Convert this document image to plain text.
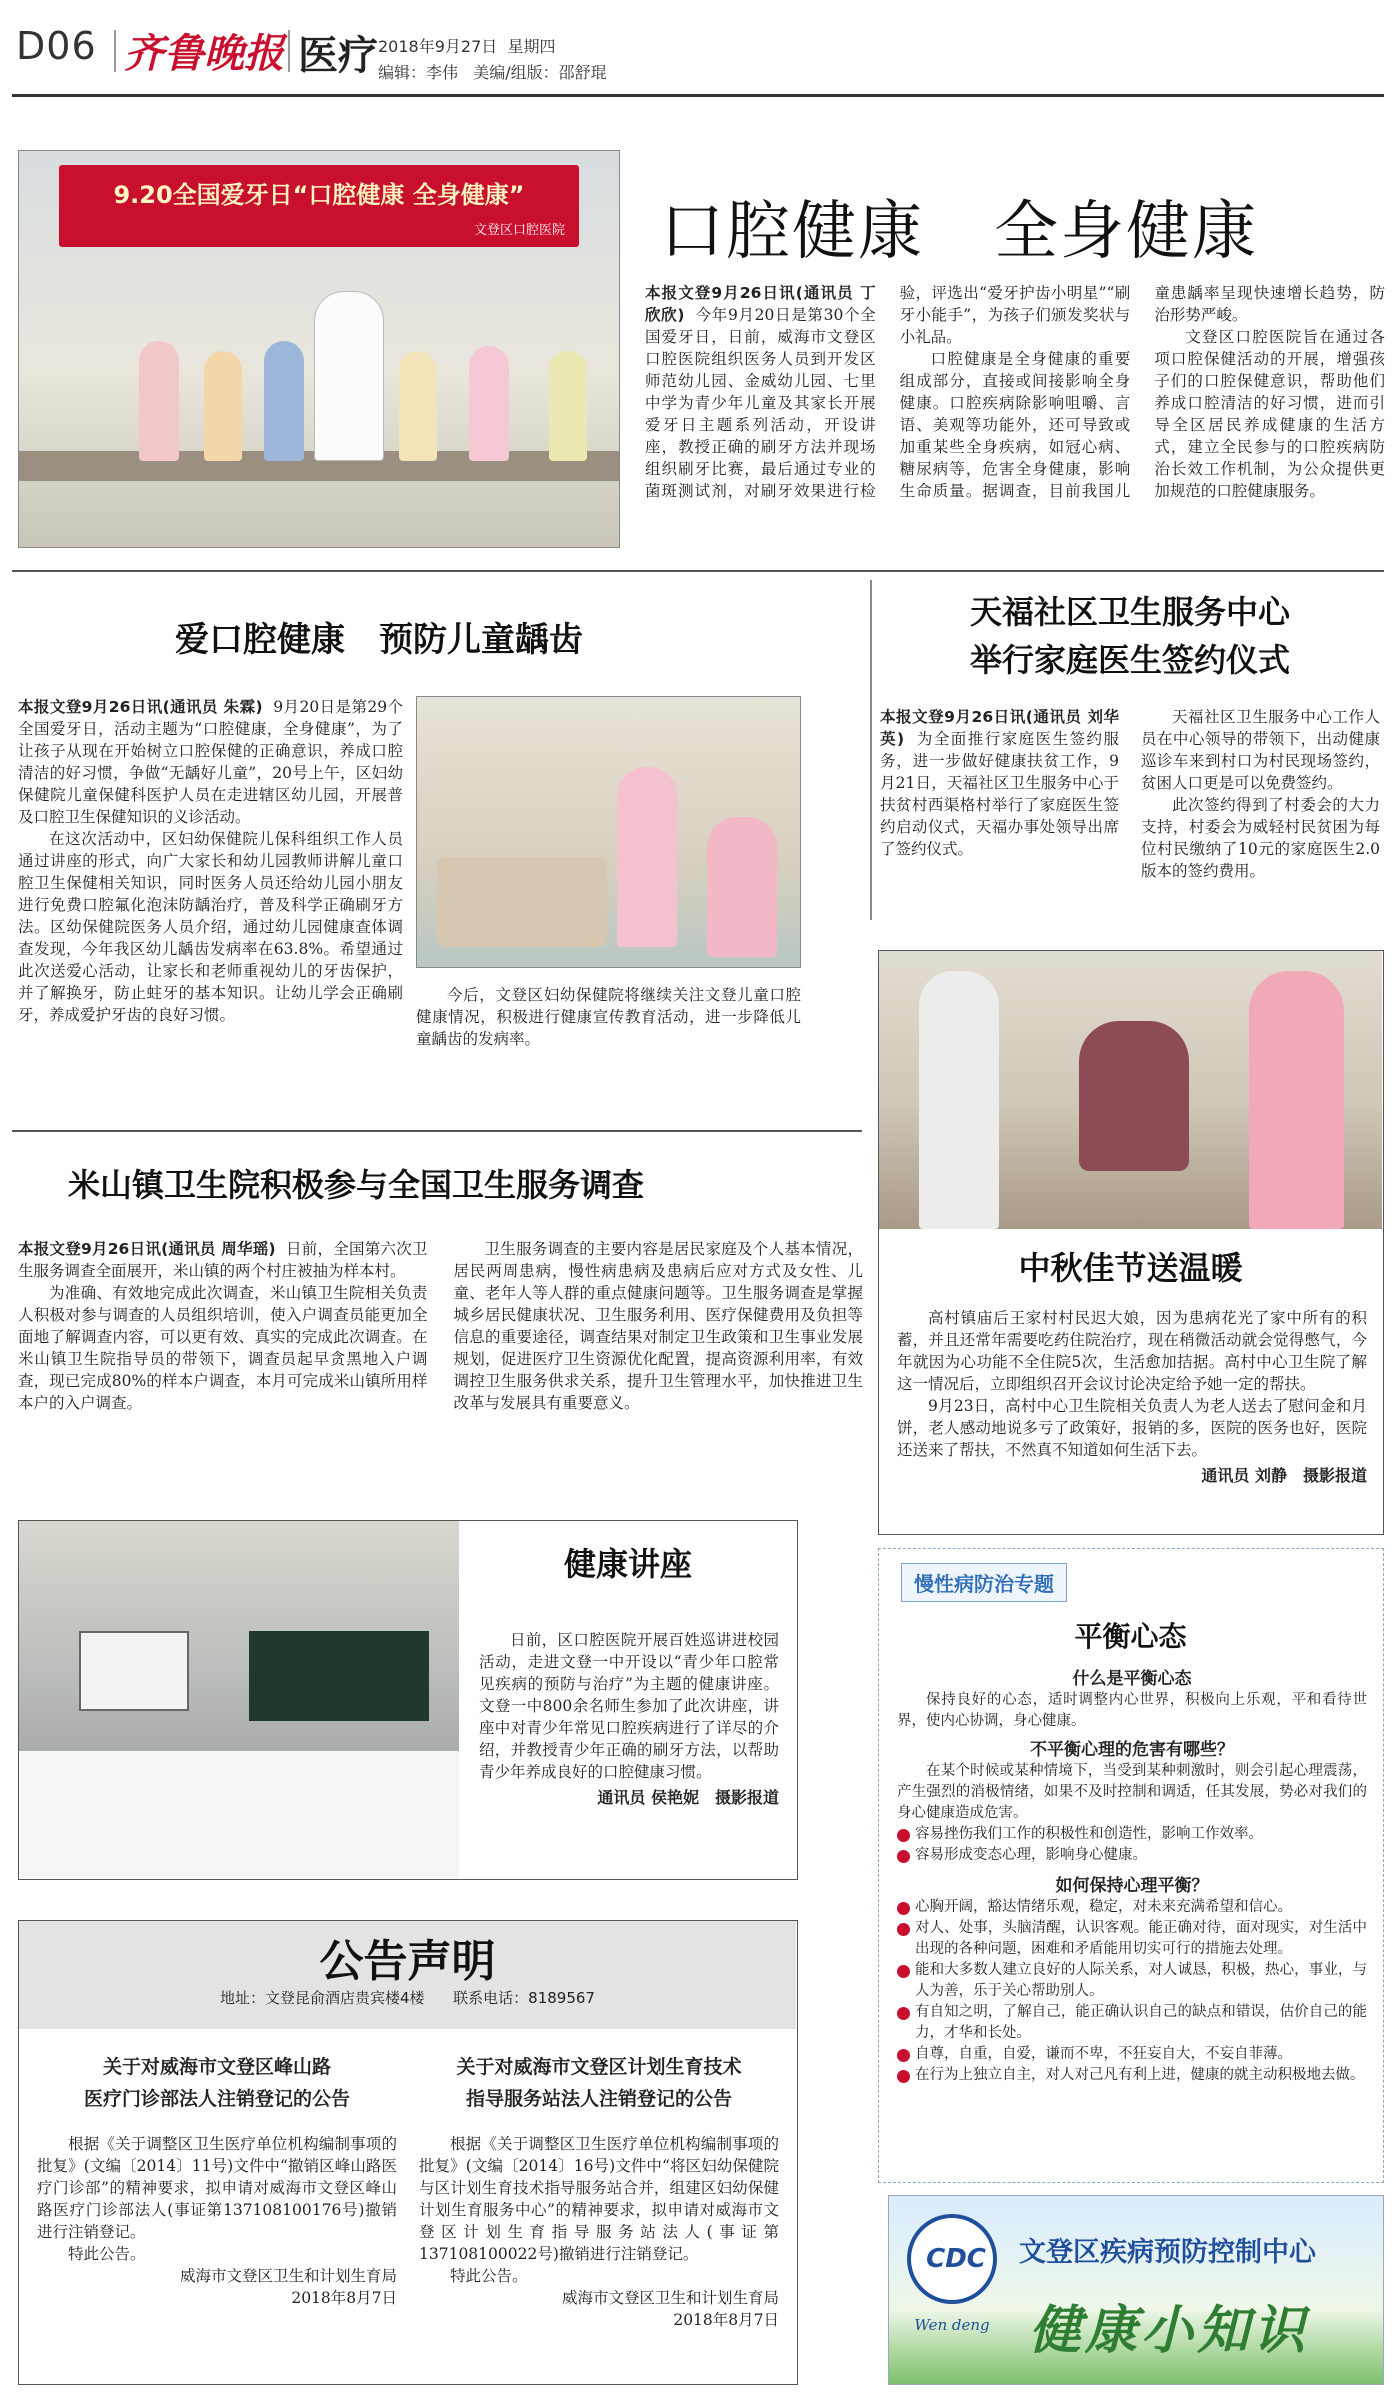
D06 齐鲁晚报 医疗 2018年9月27日 星期四
编辑：李伟 美编/组版：邵舒琨
9.20全国爱牙日“口腔健康 全身健康”
文登区口腔医院 口腔健康 全身健康

本报文登9月26日讯(通讯员 丁欣欣) 今年9月20日是第30个全国爱牙日，日前，威海市文登区口腔医院组织医务人员到开发区师范幼儿园、金威幼儿园、七里中学为青少年儿童及其家长开展爱牙日主题系列活动，开设讲座，教授正确的刷牙方法并现场组织刷牙比赛，最后通过专业的菌斑测试剂，对刷牙效果进行检验，评选出“爱牙护齿小明星”“刷牙小能手”，为孩子们颁发奖状与小礼品。

口腔健康是全身健康的重要组成部分，直接或间接影响全身健康。口腔疾病除影响咀嚼、言语、美观等功能外，还可导致或加重某些全身疾病，如冠心病、糖尿病等，危害全身健康，影响生命质量。据调查，目前我国儿童患龋率呈现快速增长趋势，防治形势严峻。

文登区口腔医院旨在通过各项口腔保健活动的开展，增强孩子们的口腔保健意识，帮助他们养成口腔清洁的好习惯，进而引导全区居民养成健康的生活方式，建立全民参与的口腔疾病防治长效工作机制，为公众提供更加规范的口腔健康服务。

爱口腔健康　预防儿童龋齿

本报文登9月26日讯(通讯员 朱霖) 9月20日是第29个全国爱牙日，活动主题为“口腔健康，全身健康”，为了让孩子从现在开始树立口腔保健的正确意识，养成口腔清洁的好习惯，争做“无龋好儿童”，20号上午，区妇幼保健院儿童保健科医护人员在走进辖区幼儿园，开展普及口腔卫生保健知识的义诊活动。

在这次活动中，区妇幼保健院儿保科组织工作人员通过讲座的形式，向广大家长和幼儿园教师讲解儿童口腔卫生保健相关知识，同时医务人员还给幼儿园小朋友进行免费口腔氟化泡沫防龋治疗，普及科学正确刷牙方法。区幼保健院医务人员介绍，通过幼儿园健康查体调查发现，今年我区幼儿龋齿发病率在63.8%。希望通过此次送爱心活动，让家长和老师重视幼儿的牙齿保护，并了解换牙，防止蛀牙的基本知识。让幼儿学会正确刷牙，养成爱护牙齿的良好习惯。

今后，文登区妇幼保健院将继续关注文登儿童口腔健康情况，积极进行健康宣传教育活动，进一步降低儿童龋齿的发病率。

天福社区卫生服务中心
举行家庭医生签约仪式

本报文登9月26日讯(通讯员 刘华英) 为全面推行家庭医生签约服务，进一步做好健康扶贫工作，9月21日，天福社区卫生服务中心于扶贫村西渠格村举行了家庭医生签约启动仪式，天福办事处领导出席了签约仪式。

天福社区卫生服务中心工作人员在中心领导的带领下，出动健康巡诊车来到村口为村民现场签约，贫困人口更是可以免费签约。

此次签约得到了村委会的大力支持，村委会为威轻村民贫困为每位村民缴纳了10元的家庭医生2.0版本的签约费用。

米山镇卫生院积极参与全国卫生服务调查

本报文登9月26日讯(通讯员 周华瑶) 日前，全国第六次卫生服务调查全面展开，米山镇的两个村庄被抽为样本村。

为准确、有效地完成此次调查，米山镇卫生院相关负责人积极对参与调查的人员组织培训，使入户调查员能更加全面地了解调查内容，可以更有效、真实的完成此次调查。在米山镇卫生院指导员的带领下，调查员起早贪黑地入户调查，现已完成80%的样本户调查，本月可完成米山镇所用样本户的入户调查。

卫生服务调查的主要内容是居民家庭及个人基本情况，居民两周患病，慢性病患病及患病后应对方式及女性、儿童、老年人等人群的重点健康问题等。卫生服务调查是掌握城乡居民健康状况、卫生服务利用、医疗保健费用及负担等信息的重要途径，调查结果对制定卫生政策和卫生事业发展规划，促进医疗卫生资源优化配置，提高资源利用率，有效调控卫生服务供求关系，提升卫生管理水平，加快推进卫生改革与发展具有重要意义。

中秋佳节送温暖

高村镇庙后王家村村民迟大娘，因为患病花光了家中所有的积蓄，并且还常年需要吃药住院治疗，现在稍微活动就会觉得憋气，今年就因为心功能不全住院5次，生活愈加拮据。高村中心卫生院了解这一情况后，立即组织召开会议讨论决定给予她一定的帮扶。

9月23日，高村中心卫生院相关负责人为老人送去了慰问金和月饼，老人感动地说多亏了政策好，报销的多，医院的医务也好，医院还送来了帮扶，不然真不知道如何生活下去。

通讯员 刘静　摄影报道
健康讲座

日前，区口腔医院开展百姓巡讲进校园活动，走进文登一中开设以“青少年口腔常见疾病的预防与治疗”为主题的健康讲座。文登一中800余名师生参加了此次讲座，讲座中对青少年常见口腔疾病进行了详尽的介绍，并教授青少年正确的刷牙方法，以帮助青少年养成良好的口腔健康习惯。

通讯员 侯艳妮　摄影报道
公告声明
地址：文登昆俞酒店贵宾楼4楼 联系电话：8189567
关于对威海市文登区峰山路
医疗门诊部法人注销登记的公告

根据《关于调整区卫生医疗单位机构编制事项的批复》(文编〔2014〕11号)文件中“撤销区峰山路医疗门诊部”的精神要求，拟申请对威海市文登区峰山路医疗门诊部法人(事证第137108100176号)撤销进行注销登记。

特此公告。

威海市文登区卫生和计划生育局

2018年8月7日

关于对威海市文登区计划生育技术
指导服务站法人注销登记的公告

根据《关于调整区卫生医疗单位机构编制事项的批复》(文编〔2014〕16号)文件中“将区妇幼保健院与区计划生育技术指导服务站合并，组建区妇幼保健计划生育服务中心”的精神要求，拟申请对威海市文登区计划生育指导服务站法人(事证第137108100022号)撤销进行注销登记。

特此公告。

威海市文登区卫生和计划生育局

2018年8月7日

慢性病防治专题
平衡心态
什么是平衡心态

保持良好的心态，适时调整内心世界，积极向上乐观，平和看待世界，使内心协调，身心健康。

不平衡心理的危害有哪些？

在某个时候或某种情境下，当受到某种刺激时，则会引起心理震荡，产生强烈的消极情绪，如果不及时控制和调适，任其发展，势必对我们的身心健康造成危害。

容易挫伤我们工作的积极性和创造性，影响工作效率。
容易形成变态心理，影响身心健康。
如何保持心理平衡？
心胸开阔，豁达情绪乐观，稳定，对未来充满希望和信心。
对人、处事，头脑清醒，认识客观。能正确对待，面对现实，对生活中出现的各种问题，困难和矛盾能用切实可行的措施去处理。
能和大多数人建立良好的人际关系，对人诚恳，积极，热心，事业，与人为善，乐于关心帮助别人。
有自知之明，了解自己，能正确认识自己的缺点和错误，估价自己的能力，才华和长处。
自尊，自重，自爱，谦而不卑，不狂妄自大，不妄自菲薄。
在行为上独立自主，对人对己凡有利上进，健康的就主动积极地去做。
CDC
Wen deng
文登区疾病预防控制中心
健康小知识
